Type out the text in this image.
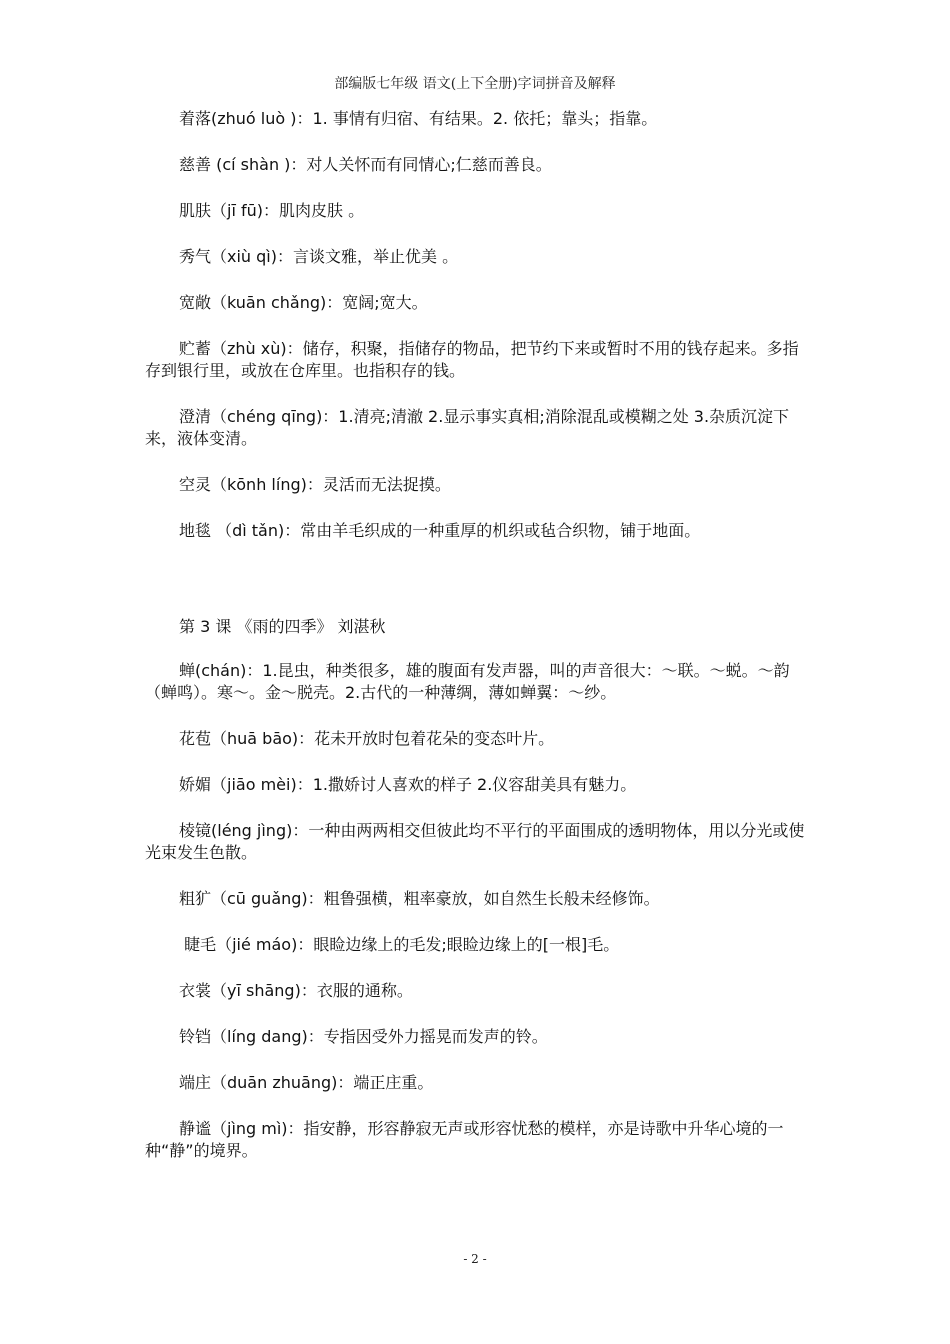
部编版七年级 语文(上下全册)字词拼音及解释

着落(zhuó luò )：1. 事情有归宿、有结果。2. 依托；靠头；指靠。

慈善 (cí shàn )：对人关怀而有同情心;仁慈而善良。

肌肤（jī fū)：肌肉皮肤 。

秀气（xiù qì)：言谈文雅，举止优美 。

宽敞（kuān chǎng)：宽阔;宽大。

贮蓄（zhù xù)：储存，积聚，指储存的物品，把节约下来或暂时不用的钱存起来。多指存到银行里，或放在仓库里。也指积存的钱。

澄清（chéng qīng)：1.清亮;清澈 2.显示事实真相;消除混乱或模糊之处 3.杂质沉淀下来，液体变清。

空灵（kōnh líng)：灵活而无法捉摸。

地毯 （dì tǎn)：常由羊毛织成的一种重厚的机织或毡合织物，铺于地面。

第 3 课 《雨的四季》 刘湛秋

蝉(chán)：1.昆虫，种类很多，雄的腹面有发声器，叫的声音很大：～联。～蜕。～韵（蝉鸣）。寒～。金～脱壳。2.古代的一种薄绸，薄如蝉翼：～纱。

花苞（huā bāo)：花未开放时包着花朵的变态叶片。

娇媚（jiāo mèi)：1.撒娇讨人喜欢的样子 2.仪容甜美具有魅力。

棱镜(léng jìng)：一种由两两相交但彼此均不平行的平面围成的透明物体，用以分光或使光束发生色散。

粗犷（cū guǎng)：粗鲁强横，粗率豪放，如自然生长般未经修饰。

睫毛（jié máo)：眼睑边缘上的毛发;眼睑边缘上的[一根]毛。

衣裳（yī shāng)：衣服的通称。

铃铛（líng dang)：专指因受外力摇晃而发声的铃。

端庄（duān zhuāng)：端正庄重。

静谧（jìng mì)：指安静，形容静寂无声或形容忧愁的模样，亦是诗歌中升华心境的一种“静”的境界。

- 2 -
